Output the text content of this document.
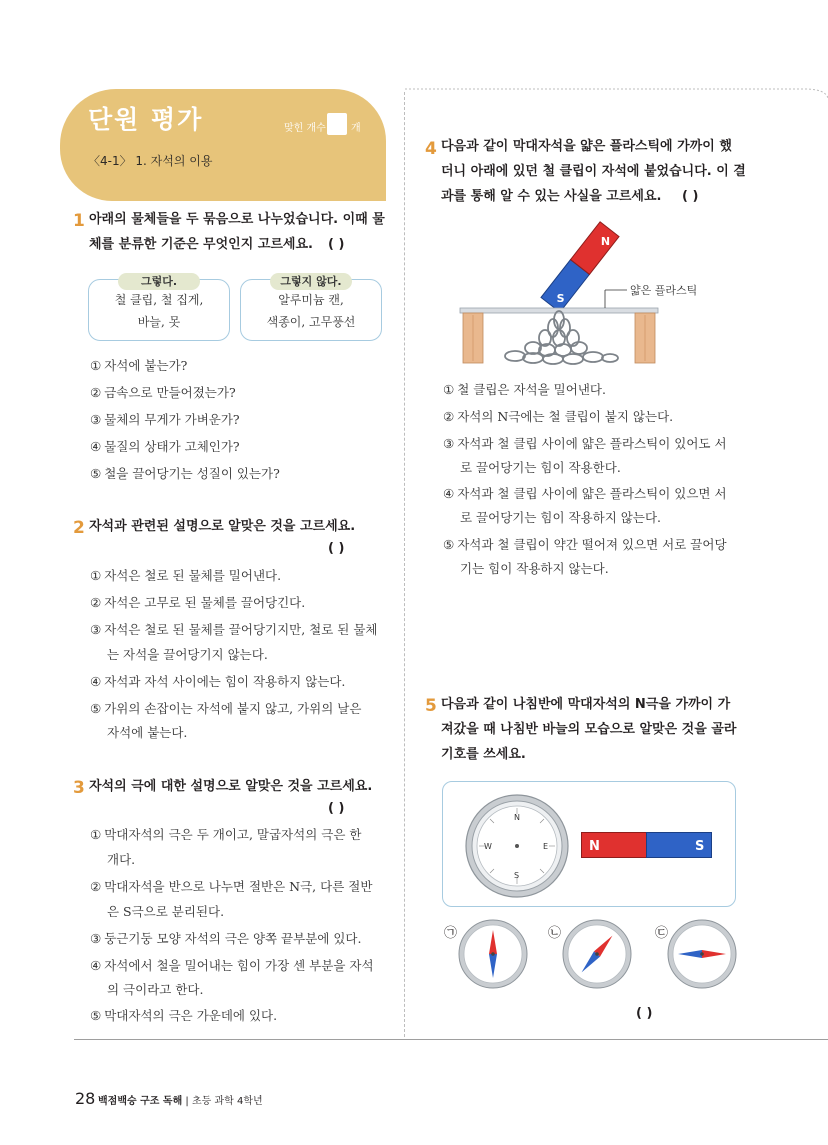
단원 평가	맞힌 개수	개
〈4-1〉 1. 자석의 이용
1 아래의 물체들을 두 묶음으로 나누었습니다. 이때 물
체를 분류한 기준은 무엇인지 고르세요. ( )
그렇다.
철 클립, 철 집게,
바늘, 못
그렇지 않다.
알루미늄 캔,
색종이, 고무풍선
① 자석에 붙는가?
② 금속으로 만들어졌는가?
③ 물체의 무게가 가벼운가?
④ 물질의 상태가 고체인가?
⑤ 철을 끌어당기는 성질이 있는가?
2 자석과 관련된 설명으로 알맞은 것을 고르세요.
( )
① 자석은 철로 된 물체를 밀어낸다.
② 자석은 고무로 된 물체를 끌어당긴다.
③ 자석은 철로 된 물체를 끌어당기지만, 철로 된 물체
는 자석을 끌어당기지 않는다.
④ 자석과 자석 사이에는 힘이 작용하지 않는다.
⑤ 가위의 손잡이는 자석에 붙지 않고, 가위의 날은
자석에 붙는다.
3 자석의 극에 대한 설명으로 알맞은 것을 고르세요.
( )
① 막대자석의 극은 두 개이고, 말굽자석의 극은 한
개다.
② 막대자석을 반으로 나누면 절반은 N극, 다른 절반
은 S극으로 분리된다.
③ 둥근기둥 모양 자석의 극은 양쪽 끝부분에 있다.
④ 자석에서 철을 밀어내는 힘이 가장 센 부분을 자석
의 극이라고 한다.
⑤ 막대자석의 극은 가운데에 있다.
4 다음과 같이 막대자석을 얇은 플라스틱에 가까이 했
더니 아래에 있던 철 클립이 자석에 붙었습니다. 이 결
과를 통해 알 수 있는 사실을 고르세요. ( )
S
N
얇은 플라스틱
① 철 클립은 자석을 밀어낸다.
② 자석의 N극에는 철 클립이 붙지 않는다.
③ 자석과 철 클립 사이에 얇은 플라스틱이 있어도 서
로 끌어당기는 힘이 작용한다.
④ 자석과 철 클립 사이에 얇은 플라스틱이 있으면 서
로 끌어당기는 힘이 작용하지 않는다.
⑤ 자석과 철 클립이 약간 떨어져 있으면 서로 끌어당
기는 힘이 작용하지 않는다.
5 다음과 같이 나침반에 막대자석의 N극을 가까이 가
져갔을 때 나침반 바늘의 모습으로 알맞은 것을 골라
기호를 쓰세요.
N
E
S
W	N	S
㉠	㉡	㉢
( )
28 백점백승 구조 독해 | 초등 과학 4학년
